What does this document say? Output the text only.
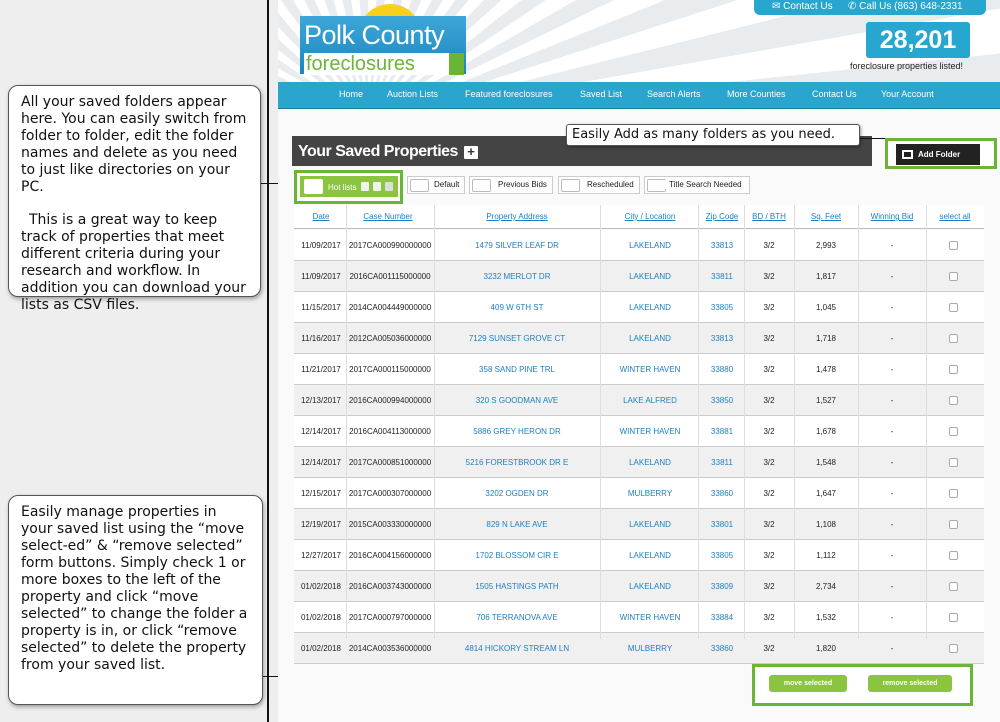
All your saved folders appear here. You can easily switch from folder to folder, edit the folder names and delete as you need to just like directories on your PC.

This is a great way to keep track of properties that meet different criteria during your research and workflow. In addition you can download your lists as CSV files.

Easily manage properties in your saved list using the “move select-ed” & “remove selected” form buttons. Simply check 1 or more boxes to the left of the property and click “move selected” to change the folder a property is in, or click “remove selected” to delete the property from your saved list.

Polk County
foreclosures
✉ Contact Us ✆ Call Us (863) 648-2331
28,201
foreclosure properties listed!
Home	Auction Lists	Featured foreclosures	Saved List	Search Alerts	More Counties	Contact Us	Your Account
Your Saved Properties +
Easily Add as many folders as you need.
Add Folder
Hot lists	Default	Previous Bids	Rescheduled	Title Search Needed
Date	Case Number	Property Address	City / Location	Zip Code	BD / BTH	Sq. Feet	Winning Bid	select all
11/09/2017	2017CA000990000000	1479 SILVER LEAF DR	LAKELAND	33813	3/2	2,993	-
11/09/2017	2016CA001115000000	3232 MERLOT DR	LAKELAND	33811	3/2	1,817	-
11/15/2017	2014CA004449000000	409 W 6TH ST	LAKELAND	33805	3/2	1,045	-
11/16/2017	2012CA005036000000	7129 SUNSET GROVE CT	LAKELAND	33813	3/2	1,718	-
11/21/2017	2017CA000115000000	358 SAND PINE TRL	WINTER HAVEN	33880	3/2	1,478	-
12/13/2017 2016CA000994000000	320 S GOODMAN AVE	LAKE ALFRED	33850	3/2	1,527	-
12/14/2017	2016CA004113000000	5886 GREY HERON DR	WINTER HAVEN	33881	3/2	1,678	-
12/14/2017 2017CA000851000000	5216 FORESTBROOK DR E	LAKELAND	33811	3/2	1,548	-
12/15/2017 2017CA000307000000	3202 OGDEN DR	MULBERRY	33860	3/2	1,647	-
12/19/2017 2015CA003330000000	829 N LAKE AVE	LAKELAND	33801	3/2	1,108	-
12/27/2017 2016CA004156000000	1702 BLOSSOM CIR E	LAKELAND	33805	3/2	1,112	-
01/02/2018 2016CA003743000000	1505 HASTINGS PATH	LAKELAND	33809	3/2	2,734	-
01/02/2018 2017CA000797000000	706 TERRANOVA AVE	WINTER HAVEN	33884	3/2	1,532	-
01/02/2018 2014CA003536000000	4814 HICKORY STREAM LN	MULBERRY	33860	3/2	1,820	-
move selected	remove selected
